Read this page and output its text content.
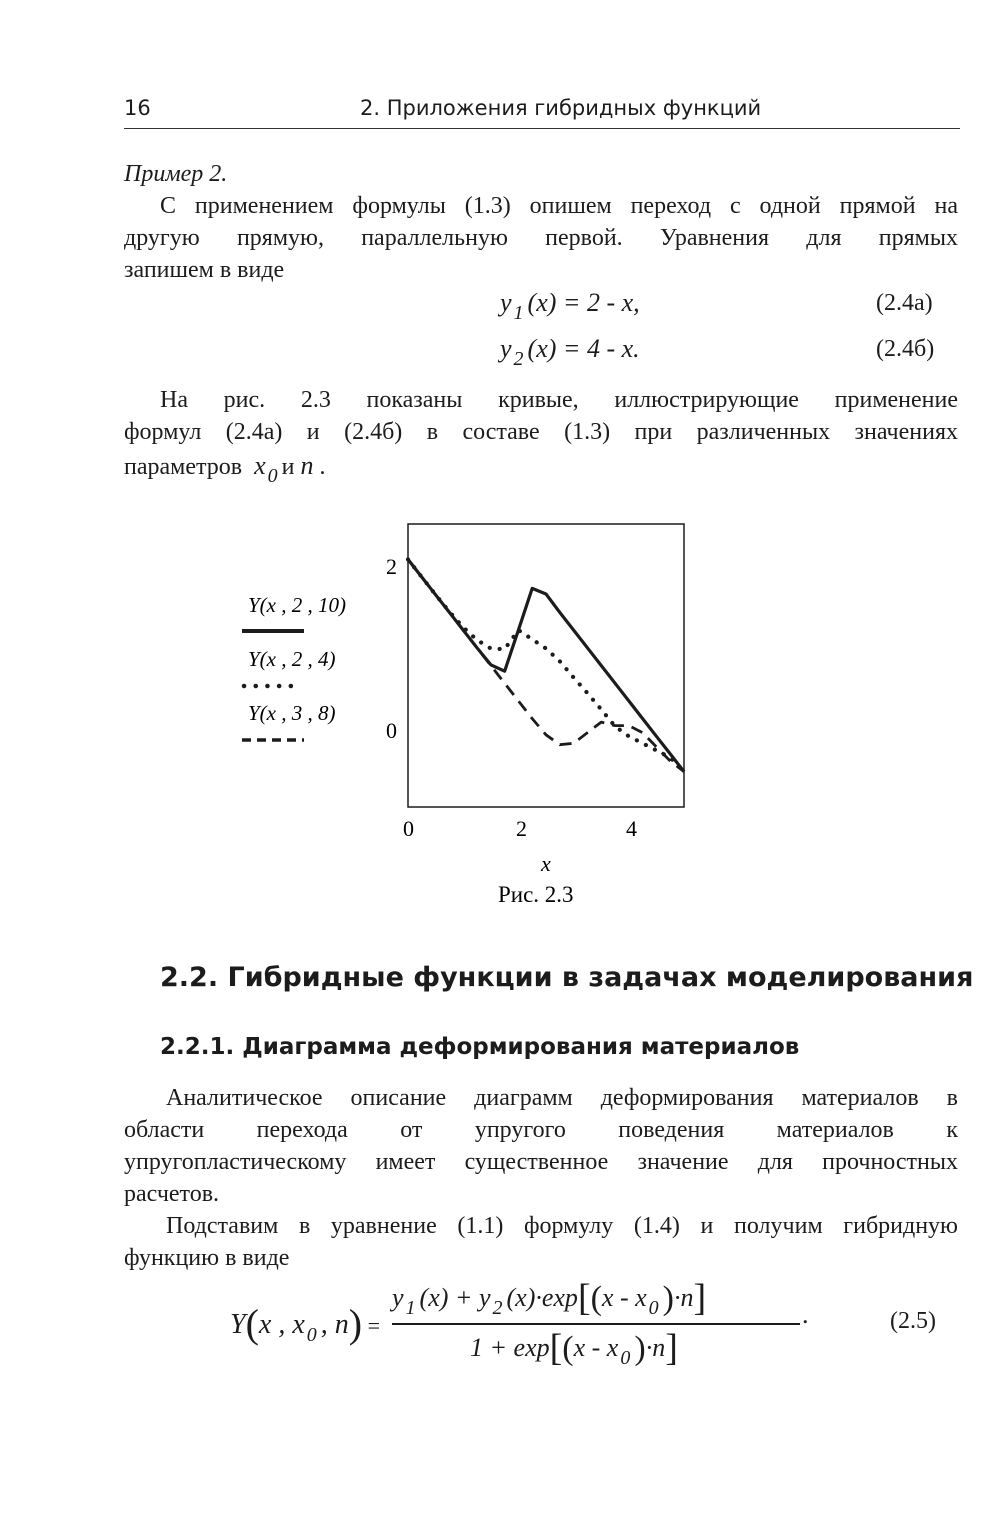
16	2. Приложения гибридных функций
Пример 2.
С применением формулы (1.3) опишем переход с одной прямой на
другую прямую, параллельную первой. Уравнения для прямых
запишем в виде
y $_1$ (x) = 2 - x,	(2.4а)
y $_2$ (x) = 4 - x.	(2.4б)
На рис. 2.3 показаны кривые, иллюстрирующие применение
формул (2.4а) и (2.4б) в составе (1.3) при различенных значениях
параметров x $_0$ и n .
Y(x , 2 , 10)
Y(x , 2 , 4)
Y(x , 3 , 8)
2
0
0	2	4
x
Рис. 2.3
2.2. Гибридные функции в задачах моделирования
2.2.1. Диаграмма деформирования материалов
Аналитическое описание диаграмм деформирования материалов в
области перехода от упругого поведения материалов к
упругопластическому имеет существенное значение для прочностных
расчетов.
Подставим в уравнение (1.1) формулу (1.4) и получим гибридную
функцию в виде
Y(x , x $_0$ , n) =
y $_1$ (x) + y $_2$ (x)·exp[(x - x $_0$ )·n]	.
1 + exp[(x - x $_0$ )·n]
(2.5)
